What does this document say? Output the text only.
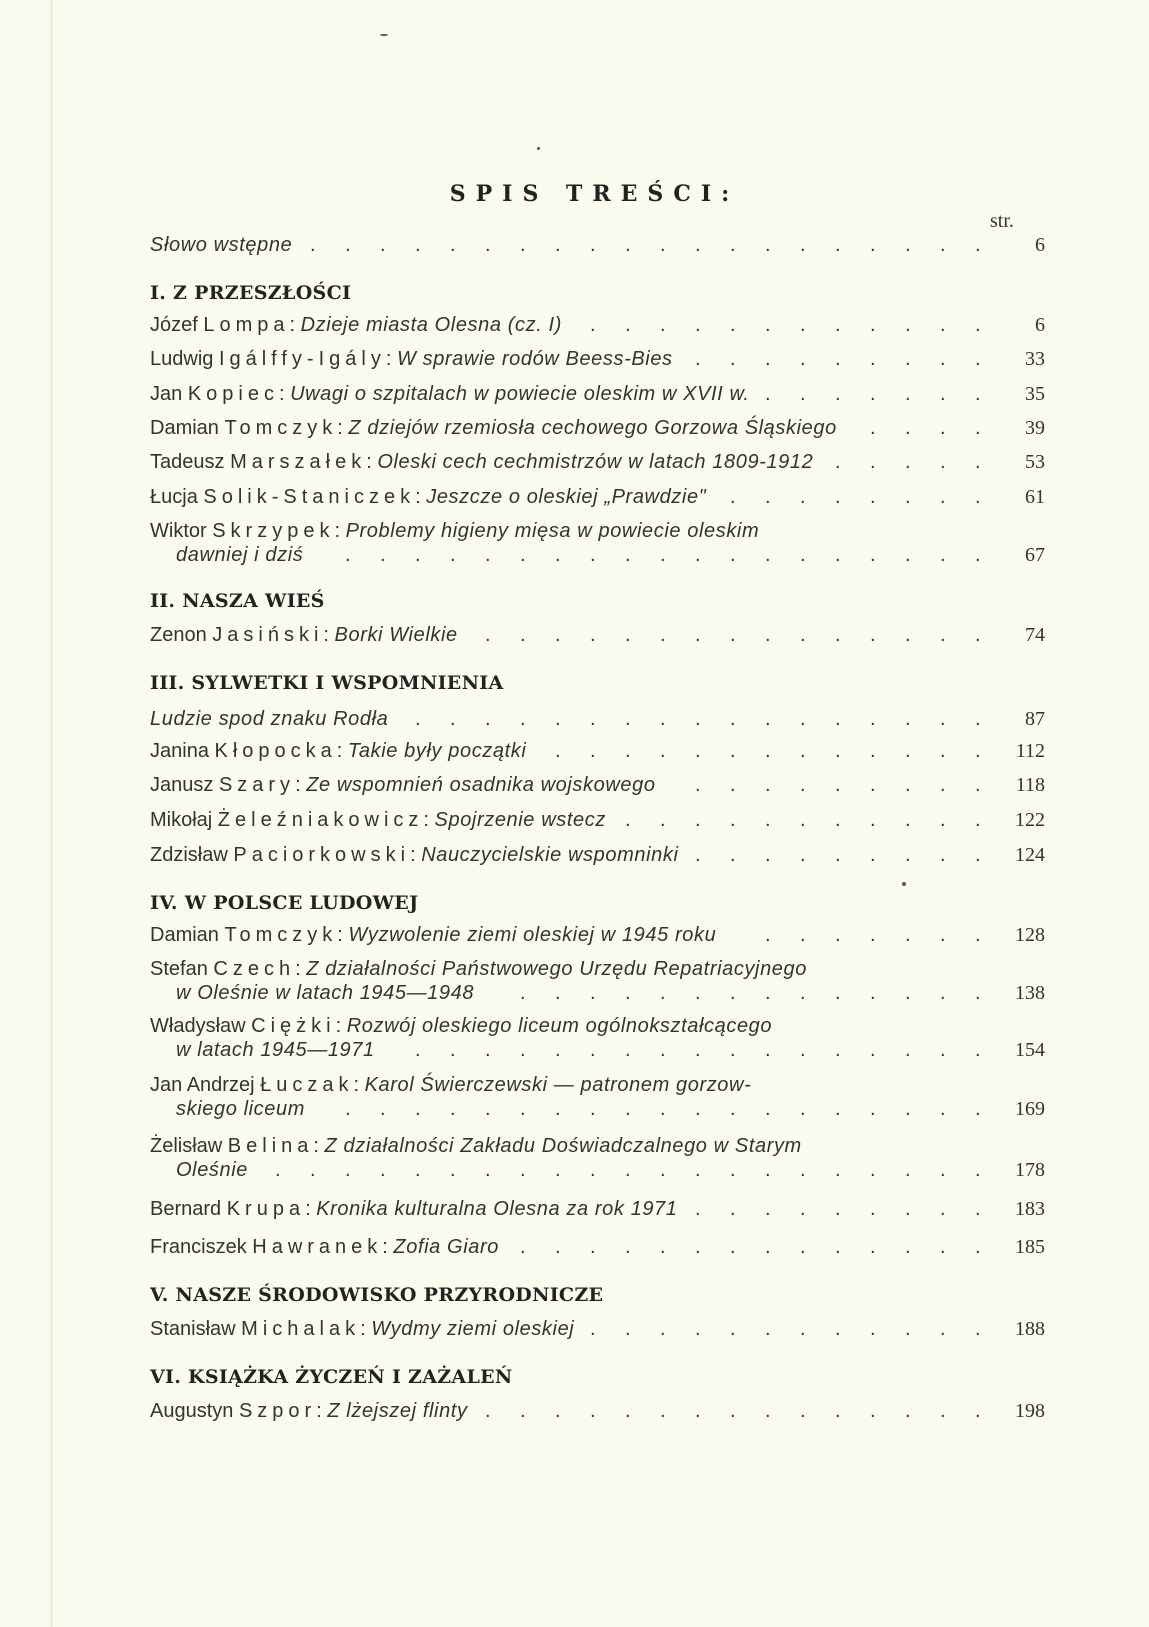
SPIS TREŚCI:
str.
Słowo wstępne	6
. . . . . . . . . . . . . . . . . . . .
I. Z PRZESZŁOŚCI
Józef Lompa: Dzieje miasta Olesna (cz. I)	6
. . . . . . . . . . . .
Ludwig Igálffy-Igály: W sprawie rodów Beess-Bies	33
. . . . . . . . .
Jan Kopiec: Uwagi o szpitalach w powiecie oleskim w XVII w.	35
. . . . . . .
Damian Tomczyk: Z dziejów rzemiosła cechowego Gorzowa Śląskiego	39
. . . .
Tadeusz Marszałek: Oleski cech cechmistrzów w latach 1809-1912	53
. . . . .
Łucja Solik-Staniczek: Jeszcze o oleskiej „Prawdzie"	61
. . . . . . . .
Wiktor Skrzypek: Problemy higieny mięsa w powiecie oleskim
dawniej i dziś	67
. . . . . . . . . . . . . . . . . . .
II. NASZA WIEŚ
Zenon Jasiński: Borki Wielkie	74
. . . . . . . . . . . . . . .
III. SYLWETKI I WSPOMNIENIA
Ludzie spod znaku Rodła	87
. . . . . . . . . . . . . . . . .
Janina Kłopocka: Takie były początki	112
. . . . . . . . . . . . .
Janusz Szary: Ze wspomnień osadnika wojskowego	118
. . . . . . . . .
Mikołaj Żeleźniakowicz: Spojrzenie wstecz	122
. . . . . . . . . . .
Zdzisław Paciorkowski: Nauczycielskie wspomninki	124
. . . . . . . . .
IV. W POLSCE LUDOWEJ
Damian Tomczyk: Wyzwolenie ziemi oleskiej w 1945 roku	128
. . . . . . .
Stefan Czech: Z działalności Państwowego Urzędu Repatriacyjnego
w Oleśnie w latach 1945—1948	138
. . . . . . . . . . . . . .
Władysław Ciężki: Rozwój oleskiego liceum ogólnokształcącego
w latach 1945—1971	154
. . . . . . . . . . . . . . . . .
Jan Andrzej Łuczak: Karol Świerczewski — patronem gorzow-
skiego liceum	169
. . . . . . . . . . . . . . . . . . .
Żelisław Belina: Z działalności Zakładu Doświadczalnego w Starym
Oleśnie	178
. . . . . . . . . . . . . . . . . . . . .
Bernard Krupa: Kronika kulturalna Olesna za rok 1971	183
. . . . . . . . .
Franciszek Hawranek: Zofia Giaro	185
. . . . . . . . . . . . . .
V. NASZE ŚRODOWISKO PRZYRODNICZE
Stanisław Michalak: Wydmy ziemi oleskiej	188
. . . . . . . . . . . .
VI. KSIĄŻKA ŻYCZEŃ I ZAŻALEŃ
Augustyn Szpor: Z lżejszej flinty	198
. . . . . . . . . . . . . . .
